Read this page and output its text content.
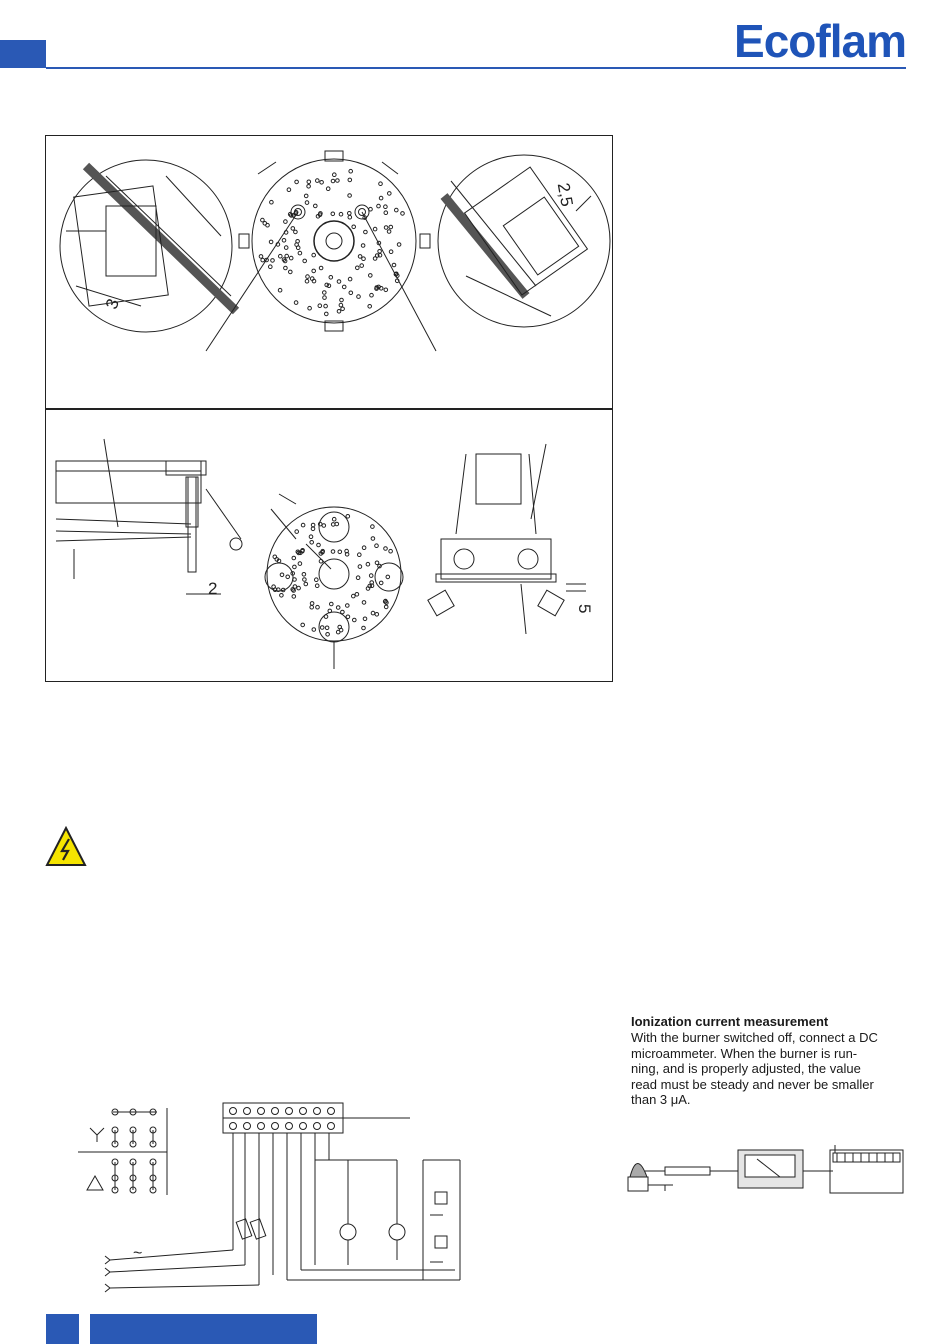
Ecoflam
3
2,5
2
5
Ionization current measurement
With the burner switched off, connect a DC
microammeter. When the burner is run-
ning, and is properly adjusted, the value
read must be steady and never be smaller
than 3 μA.
~
